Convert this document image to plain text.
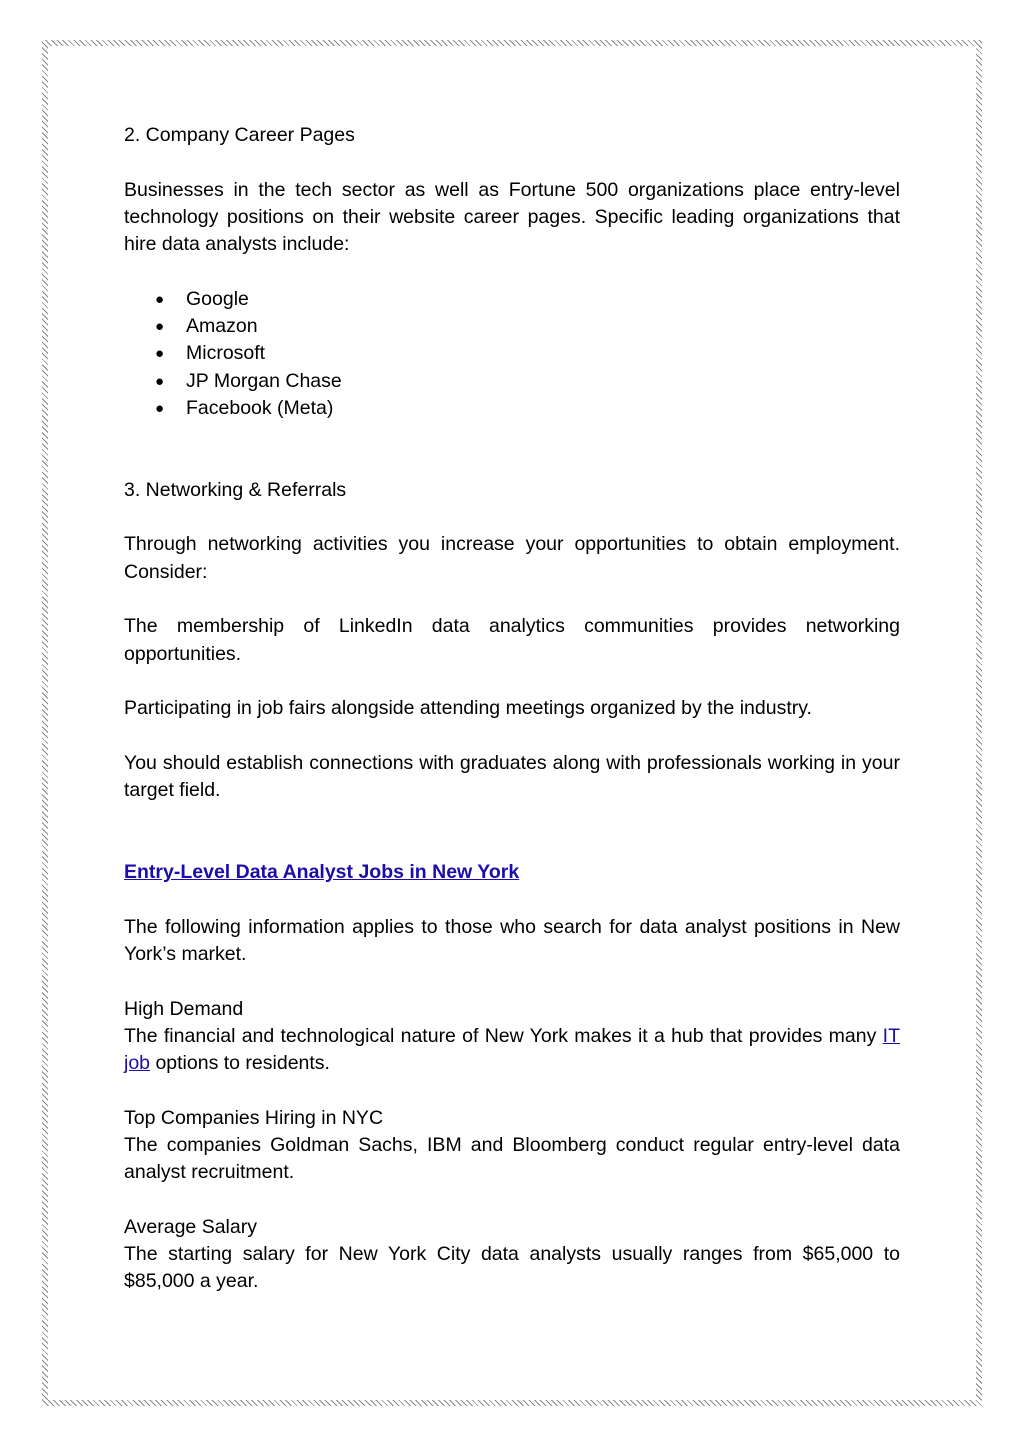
2. Company Career Pages

Businesses in the tech sector as well as Fortune 500 organizations place entry-level technology positions on their website career pages. Specific leading organizations that hire data analysts include:

● Google
● Amazon
● Microsoft
● JP Morgan Chase
● Facebook (Meta)

3. Networking & Referrals

Through networking activities you increase your opportunities to obtain employment. Consider:

The membership of LinkedIn data analytics communities provides networking opportunities.

Participating in job fairs alongside attending meetings organized by the industry.

You should establish connections with graduates along with professionals working in your target field.

Entry-Level Data Analyst Jobs in New York

The following information applies to those who search for data analyst positions in New York’s market.

High Demand

The financial and technological nature of New York makes it a hub that provides many IT job options to residents.

Top Companies Hiring in NYC

The companies Goldman Sachs, IBM and Bloomberg conduct regular entry-level data analyst recruitment.

Average Salary

The starting salary for New York City data analysts usually ranges from $65,000 to $85,000 a year.
